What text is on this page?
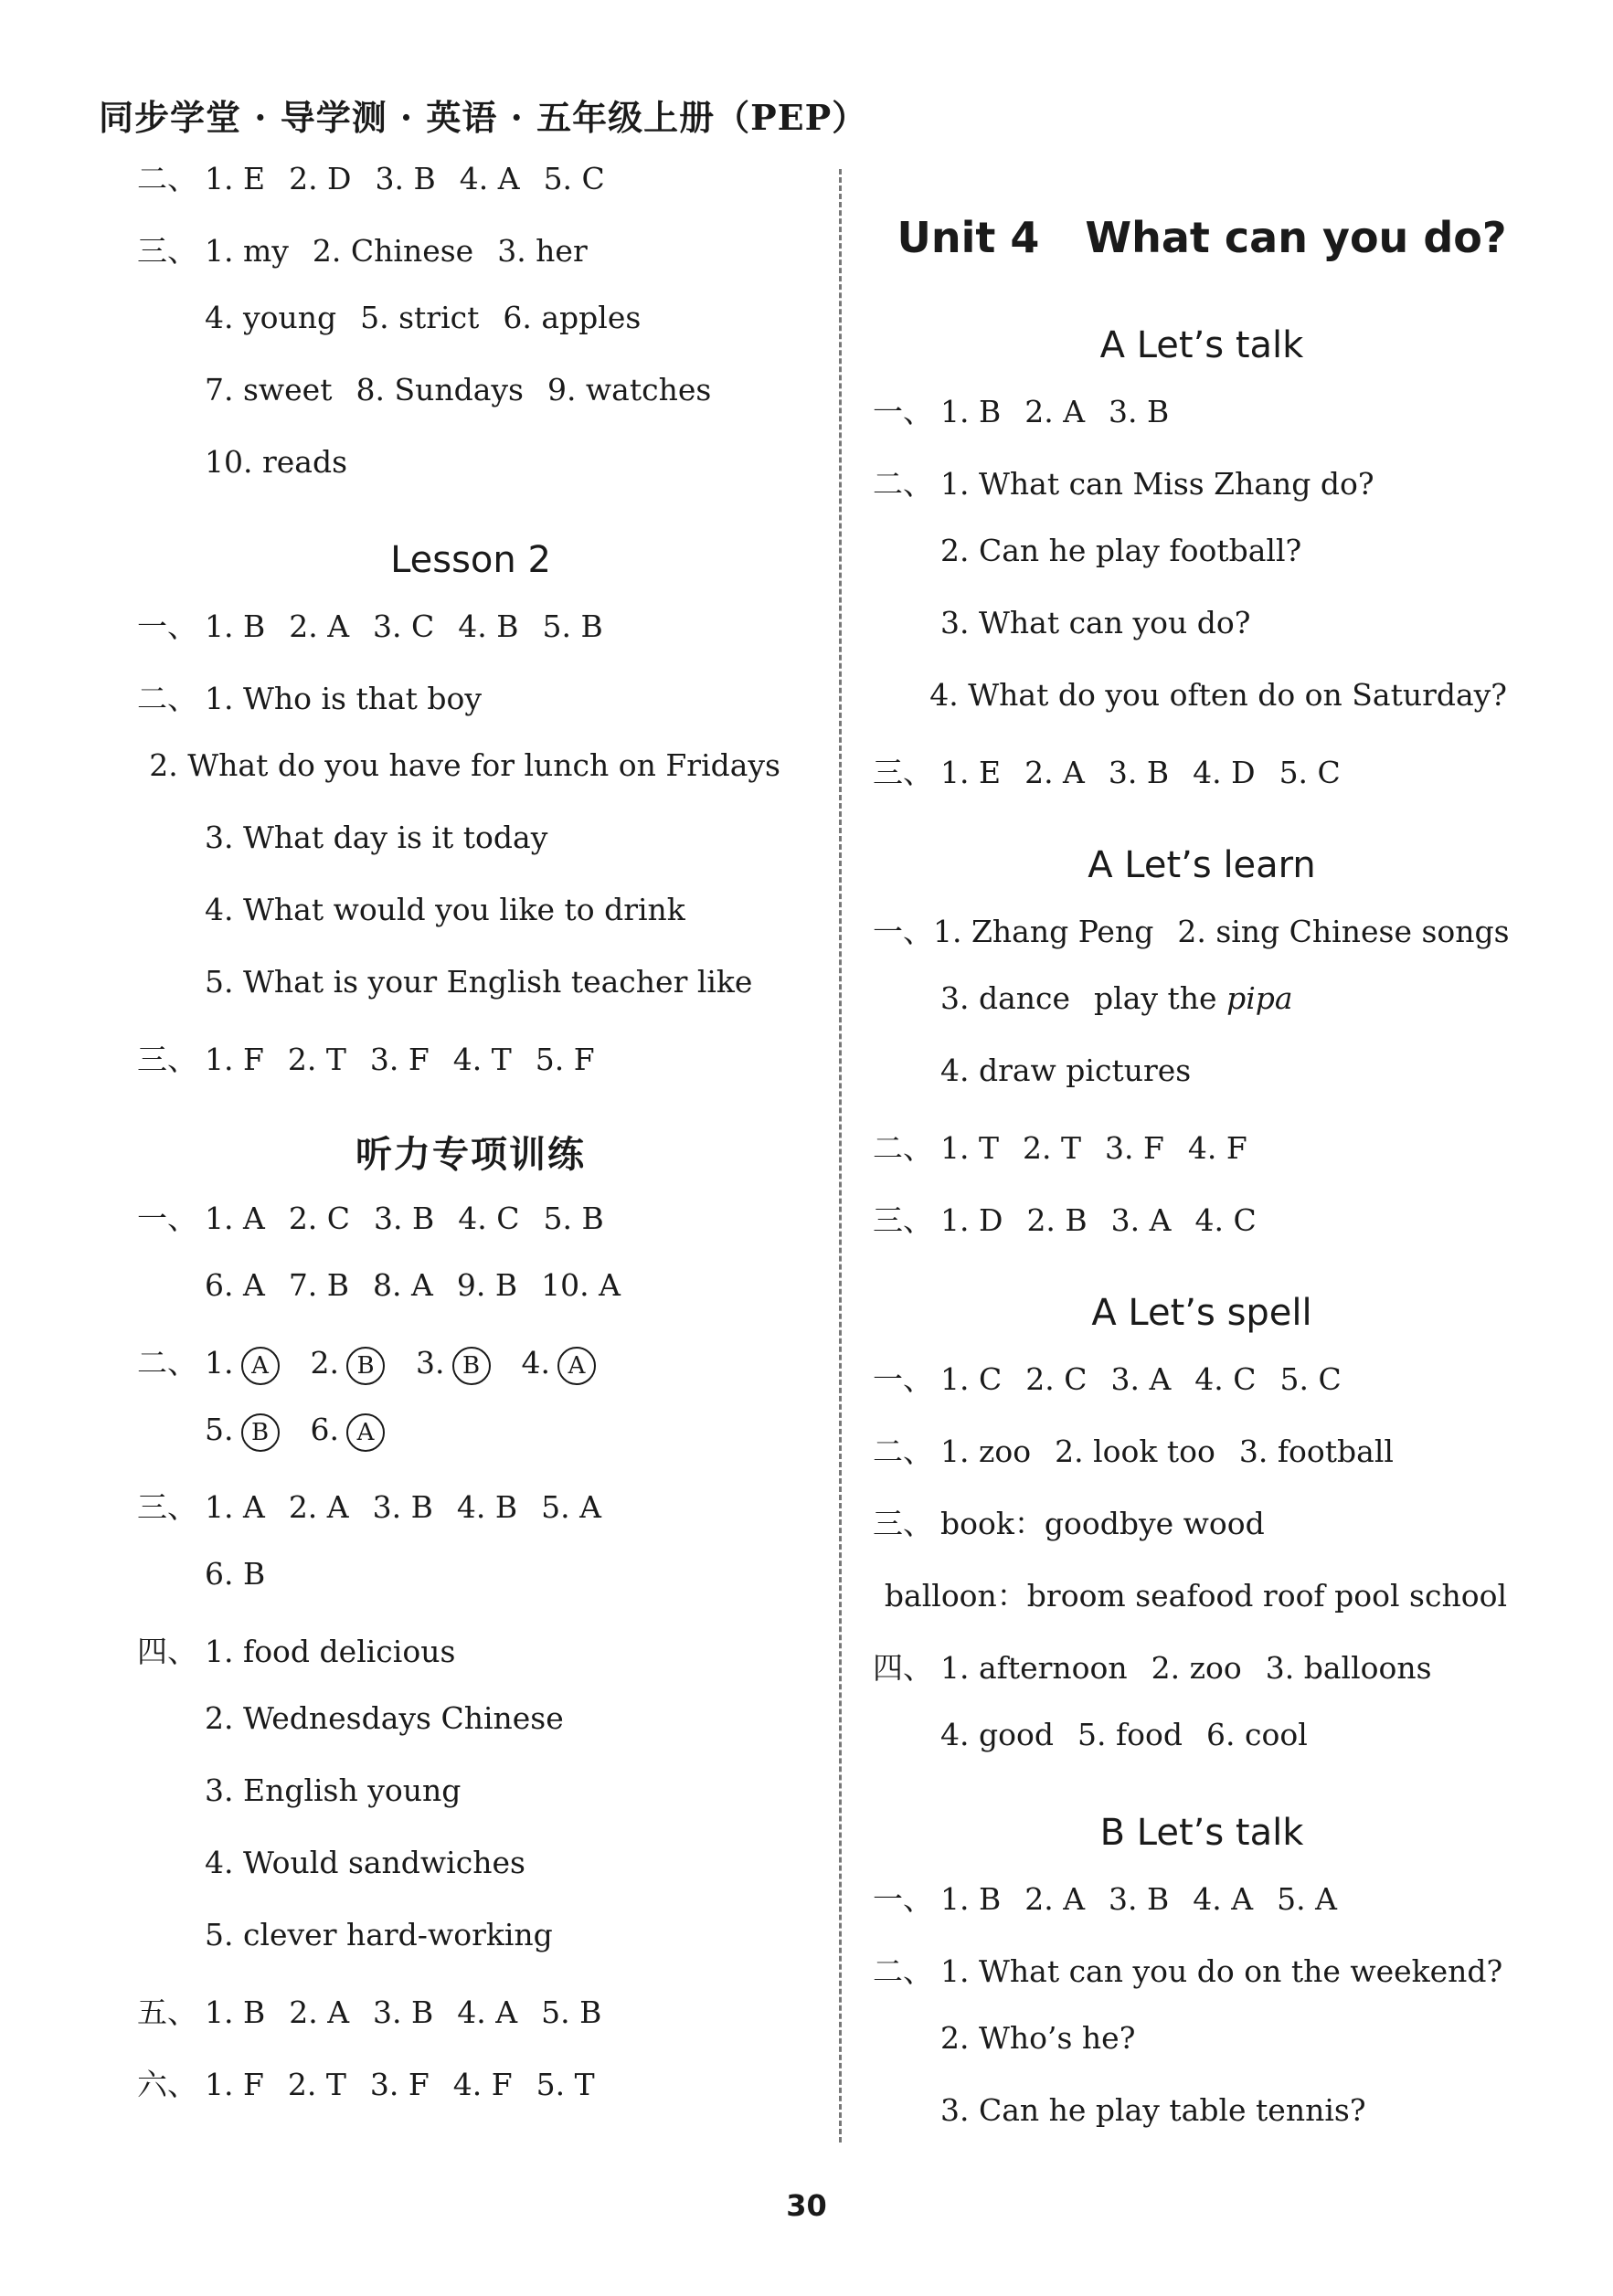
同步学堂 · 导学测 · 英语 · 五年级上册（PEP）
二、 1. E 2. D 3. B 4. A 5. C
三、 1. my 2. Chinese 3. her
4. young 5. strict 6. apples
7. sweet 8. Sundays 9. watches
10. reads
Lesson 2
一、 1. B 2. A 3. C 4. B 5. B
二、 1. Who is that boy
2. What do you have for lunch on Fridays
3. What day is it today
4. What would you like to drink
5. What is your English teacher like
三、 1. F 2. T 3. F 4. T 5. F
听力专项训练
一、 1. A 2. C 3. B 4. C 5. B
6. A 7. B 8. A 9. B 10. A
二、 1. A	2. B	3. B	4. A
5. B	6. A
三、 1. A 2. A 3. B 4. B 5. A
6. B
四、 1. food delicious
2. Wednesdays Chinese
3. English young
4. Would sandwiches
5. clever hard-working
五、 1. B 2. A 3. B 4. A 5. B
六、 1. F 2. T 3. F 4. F 5. T
Unit 4 What can you do?
A Let’s talk
一、 1. B 2. A 3. B
二、 1. What can Miss Zhang do?
2. Can he play football?
3. What can you do?
4. What do you often do on Saturday?
三、 1. E 2. A 3. B 4. D 5. C
A Let’s learn
一、 1. Zhang Peng 2. sing Chinese songs
3. dance play the pipa
4. draw pictures
二、 1. T 2. T 3. F 4. F
三、 1. D 2. B 3. A 4. C
A Let’s spell
一、 1. C 2. C 3. A 4. C 5. C
二、 1. zoo 2. look too 3. football
三、 book：goodbye wood
balloon：broom seafood roof pool school
四、 1. afternoon 2. zoo 3. balloons
4. good 5. food 6. cool
B Let’s talk
一、 1. B 2. A 3. B 4. A 5. A
二、 1. What can you do on the weekend?
2. Who’s he?
3. Can he play table tennis?
30
